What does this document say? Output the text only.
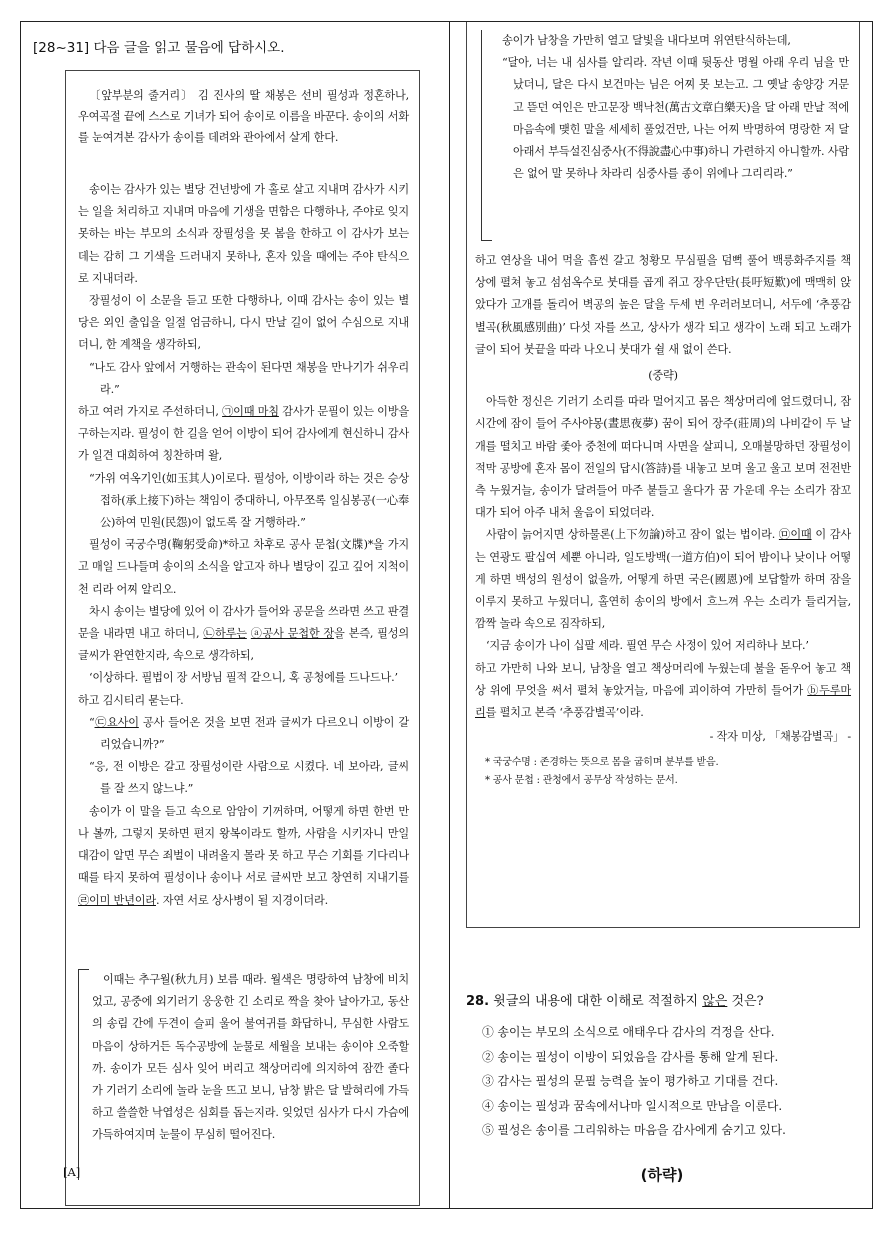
[28~31] 다음 글을 읽고 물음에 답하시오.

〔앞부분의 줄거리〕 김 진사의 딸 채봉은 선비 필성과 정혼하나, 우여곡절 끝에 스스로 기녀가 되어 송이로 이름을 바꾼다. 송이의 서화를 눈여겨본 감사가 송이를 데려와 관아에서 살게 한다.

송이는 감사가 있는 별당 건넌방에 가 홀로 살고 지내며 감사가 시키는 일을 처리하고 지내며 마음에 기생을 면함은 다행하나, 주야로 잊지 못하는 바는 부모의 소식과 장필성을 못 봄을 한하고 이 감사가 보는 데는 감히 그 기색을 드러내지 못하나, 혼자 있을 때에는 주야 탄식으로 지내더라.

장필성이 이 소문을 듣고 또한 다행하나, 이때 감사는 송이 있는 별당은 외인 출입을 일절 엄금하니, 다시 만날 길이 없어 수심으로 지내더니, 한 계책을 생각하되,

“나도 감사 앞에서 거행하는 관속이 된다면 채봉을 만나기가 쉬우리라.”

하고 여러 가지로 주선하더니, ㉠이때 마침 감사가 문필이 있는 이방을 구하는지라. 필성이 한 길을 얻어 이방이 되어 감사에게 현신하니 감사가 일견 대희하여 칭찬하며 왈,

“가위 여옥기인(如玉其人)이로다. 필성아, 이방이라 하는 것은 승상접하(承上接下)하는 책임이 중대하니, 아무쪼록 일심봉공(一心奉公)하여 민원(民怨)이 없도록 잘 거행하라.”

필성이 국궁수명(鞠躬受命)*하고 차후로 공사 문첩(文牒)*을 가지고 매일 드나들며 송이의 소식을 알고자 하나 별당이 깊고 깊어 지척이 천 리라 어찌 알리오.

차시 송이는 별당에 있어 이 감사가 들어와 공문을 쓰라면 쓰고 판결문을 내라면 내고 하더니, ㉡하루는 ⓐ공사 문첩한 장을 본즉, 필성의 글씨가 완연한지라, 속으로 생각하되,

‘이상하다. 필법이 장 서방님 필적 같으니, 혹 공청에를 드나드나.’

하고 김시티리 묻는다.

“㉢요사이 공사 들어온 것을 보면 전과 글씨가 다르오니 이방이 갈리었습니까?”

“응, 전 이방은 갈고 장필성이란 사람으로 시켰다. 네 보아라, 글씨를 잘 쓰지 않느냐.”

송이가 이 말을 듣고 속으로 암암이 기꺼하며, 어떻게 하면 한번 만나 볼까, 그렇지 못하면 편지 왕복이라도 할까, 사람을 시키자니 만일 대감이 알면 무슨 죄벌이 내려올지 몰라 못 하고 무슨 기회를 기다리나 때를 타지 못하여 필성이나 송이나 서로 글씨만 보고 창연히 지내기를 ㉣이미 반년이라. 자연 서로 상사병이 될 지경이더라.

[A]

이때는 추구월(秋九月) 보름 때라. 월색은 명랑하여 남창에 비치었고, 공중에 외기러기 웅웅한 긴 소리로 짝을 찾아 날아가고, 동산의 송림 간에 두견이 슬피 울어 불여귀를 화답하니, 무심한 사람도 마음이 상하거든 독수공방에 눈물로 세월을 보내는 송이야 오죽할까. 송이가 모든 심사 잊어 버리고 책상머리에 의지하여 잠깐 졸다가 기러기 소리에 놀라 눈을 뜨고 보니, 남창 밝은 달 발혀리에 가득하고 쓸쓸한 낙엽성은 심회를 돕는지라. 잊었던 심사가 다시 가슴에 가득하여지며 눈물이 무심히 떨어진다.

송이가 남창을 가만히 열고 달빛을 내다보며 위연탄식하는데,

“달아, 너는 내 심사를 알리라. 작년 이때 뒷동산 명월 아래 우리 님을 만났더니, 달은 다시 보건마는 님은 어찌 못 보는고. 그 옛날 송양강 거문고 뜯던 여인은 만고문장 백낙천(萬古文章白樂天)을 달 아래 만날 적에 마음속에 맺힌 말을 세세히 풀었건만, 나는 어찌 박명하여 명랑한 저 달 아래서 부득설진심중사(不得說盡心中事)하니 가련하지 아니할까. 사람은 없어 말 못하나 차라리 심중사를 종이 위에나 그리리라.”

하고 연상을 내어 먹을 흠씬 갈고 청황모 무심필을 덤뻑 풀어 백릉화주지를 책상에 펼쳐 놓고 섬섬옥수로 붓대를 곱게 쥐고 장우단탄(長吁短歎)에 맥맥히 앉았다가 고개를 돌리어 벽공의 높은 달을 두세 번 우러러보더니, 서두에 ‘추풍감별곡(秋風感別曲)’ 다섯 자를 쓰고, 상사가 생각 되고 생각이 노래 되고 노래가 글이 되어 붓끝을 따라 나오니 붓대가 쉴 새 없이 쓴다.

(중략)

아득한 정신은 기러기 소리를 따라 멀어지고 몸은 책상머리에 엎드렸더니, 잠시간에 잠이 들어 주사야몽(晝思夜夢) 꿈이 되어 장주(莊周)의 나비같이 두 날개를 떨치고 바람 좇아 중천에 떠다니며 사면을 살피니, 오매불망하던 장필성이 적막 공방에 혼자 몸이 전일의 답시(答詩)를 내놓고 보며 울고 울고 보며 전전반측 누웠거늘, 송이가 달려들어 마주 붙들고 울다가 꿈 가운데 우는 소리가 잠꼬대가 되어 아주 내처 울음이 되었더라.

사람이 늙어지면 상하물론(上下勿論)하고 잠이 없는 법이라. ㉤이때 이 감사는 연광도 팔십여 세뿐 아니라, 일도방백(一道方伯)이 되어 밤이나 낮이나 어떻게 하면 백성의 원성이 없을까, 어떻게 하면 국은(國恩)에 보답할까 하며 잠을 이루지 못하고 누웠더니, 홀연히 송이의 방에서 흐느껴 우는 소리가 들리거늘, 깜짝 놀라 속으로 짐작하되,

‘지금 송이가 나이 십팔 세라. 필연 무슨 사정이 있어 저리하나 보다.’

하고 가만히 나와 보니, 남창을 열고 책상머리에 누웠는데 불을 돋우어 놓고 책상 위에 무엇을 써서 펼쳐 놓았거늘, 마음에 괴이하여 가만히 들어가 ⓑ두루마리를 펼치고 본즉 ‘추풍감별곡’이라.

- 작자 미상, 「채봉감별곡」 -

* 국궁수명 : 존경하는 뜻으로 몸을 굽히며 분부를 받음.
* 공사 문첩 : 관청에서 공무상 작성하는 문서.
28. 윗글의 내용에 대한 이해로 적절하지 않은 것은?
① 송이는 부모의 소식으로 애태우다 감사의 걱정을 산다.
② 송이는 필성이 이방이 되었음을 감사를 통해 알게 된다.
③ 감사는 필성의 문필 능력을 높이 평가하고 기대를 건다.
④ 송이는 필성과 꿈속에서나마 일시적으로 만남을 이룬다.
⑤ 필성은 송이를 그리워하는 마음을 감사에게 숨기고 있다.
(하략)
